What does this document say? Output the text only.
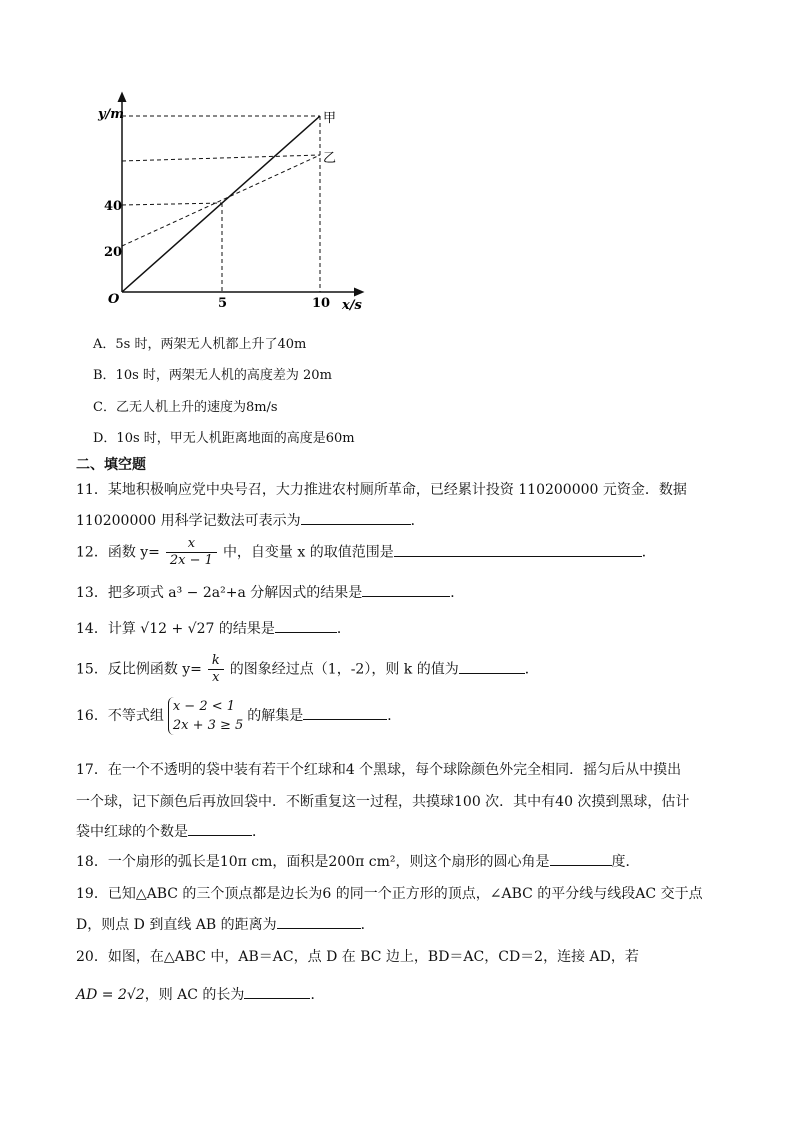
y/m
x/s
O
40
20
5	10
甲
乙
A．5s 时，两架无人机都上升了40m
B．10s 时，两架无人机的高度差为 20m
C．乙无人机上升的速度为8m/s
D．10s 时，甲无人机距离地面的高度是60m
二、填空题
11．某地积极响应党中央号召，大力推进农村厕所革命，已经累计投资 110200000 元资金．数据
110200000 用科学记数法可表示为	．
12．函数 $y= \frac{x}{2x - 1}$ 中，自变量 x 的取值范围是	．
13．把多项式 a³ − 2a²+a 分解因式的结果是	．
14．计算 √12 + √27 的结果是	．
15．反比例函数 $y= \frac{k}{x}$ 的图象经过点（1，-2），则 k 的值为	．
16．不等式组
x − 2 < 1
2x + 3 ≥ 5
的解集是	．
17．在一个不透明的袋中装有若干个红球和4 个黑球，每个球除颜色外完全相同．摇匀后从中摸出
一个球，记下颜色后再放回袋中．不断重复这一过程，共摸球100 次．其中有40 次摸到黑球，估计
袋中红球的个数是	．
18．一个扇形的弧长是10π cm，面积是200π cm²，则这个扇形的圆心角是	度．
19．已知△ABC 的三个顶点都是边长为6 的同一个正方形的顶点，∠ABC 的平分线与线段AC 交于点
D，则点 D 到直线 AB 的距离为	．
20．如图，在△ABC 中，AB＝AC，点 D 在 BC 边上，BD＝AC，CD＝2，连接 AD，若
AD = 2√2，则 AC 的长为	．
